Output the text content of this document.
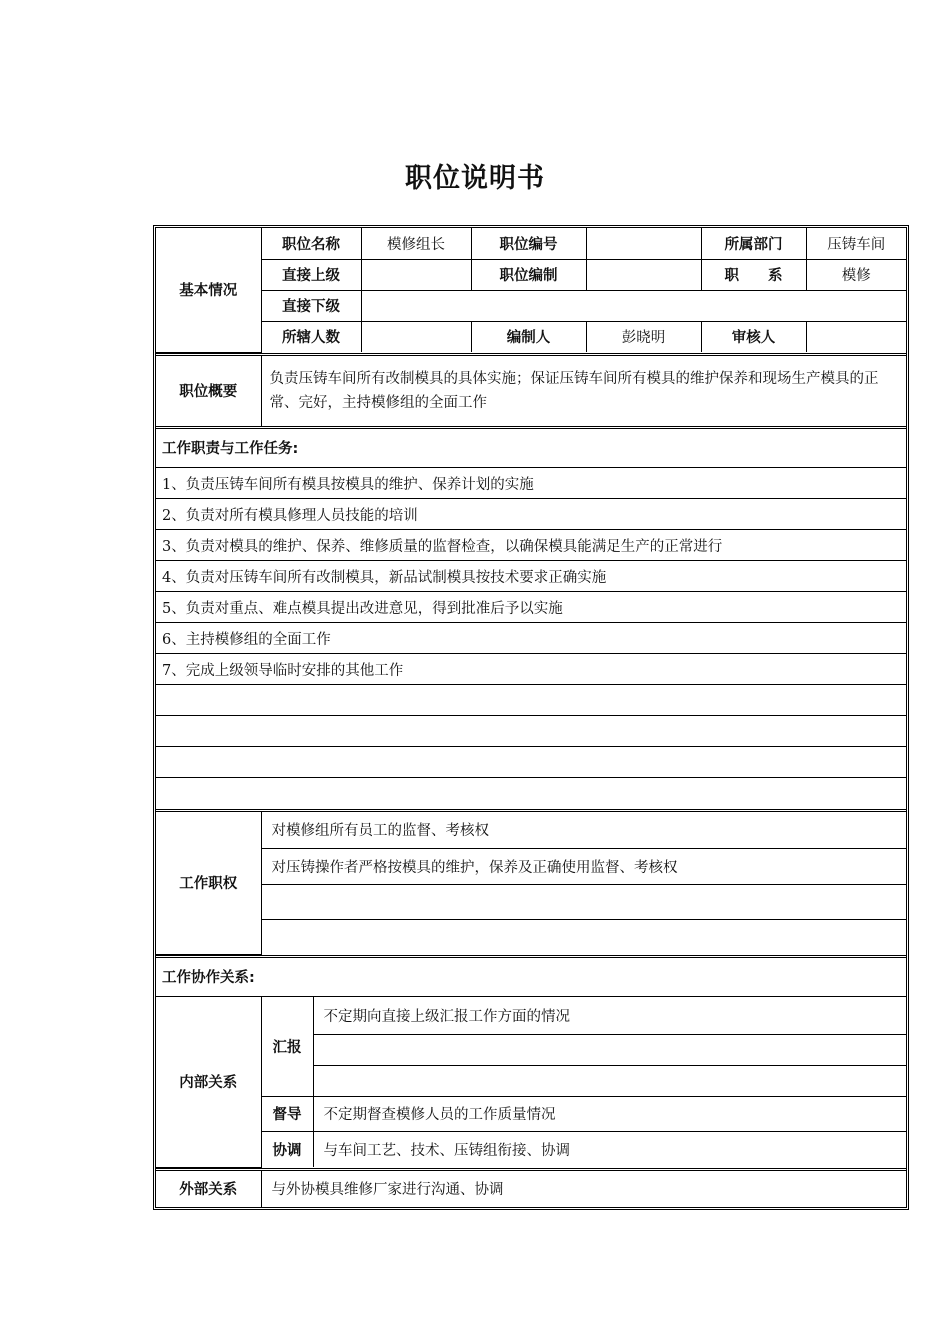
职位说明书
基本情况	职位名称	模修组长	职位编号		所属部门	压铸车间
	直接上级		职位编制		职　　系	模修
	直接下级					
	所辖人数		编制人	彭晓明	审核人	
职位概要	负责压铸车间所有改制模具的具体实施；保证压铸车间所有模具的维护保养和现场生产模具的正常、完好，主持模修组的全面工作
工作职责与工作任务:
1、负责压铸车间所有模具按模具的维护、保养计划的实施
2、负责对所有模具修理人员技能的培训
3、负责对模具的维护、保养、维修质量的监督检查，以确保模具能满足生产的正常进行
4、负责对压铸车间所有改制模具，新品试制模具按技术要求正确实施
5、负责对重点、难点模具提出改进意见，得到批准后予以实施
6、主持模修组的全面工作
7、完成上级领导临时安排的其他工作

工作职权	对模修组所有员工的监督、考核权
对压铸操作者严格按模具的维护，保养及正确使用监督、考核权

工作协作关系:		
内部关系	汇报	不定期向直接上级汇报工作方面的情况

	督导	不定期督查模修人员的工作质量情况
	协调	与车间工艺、技术、压铸组衔接、协调
外部关系	与外协模具维修厂家进行沟通、协调
